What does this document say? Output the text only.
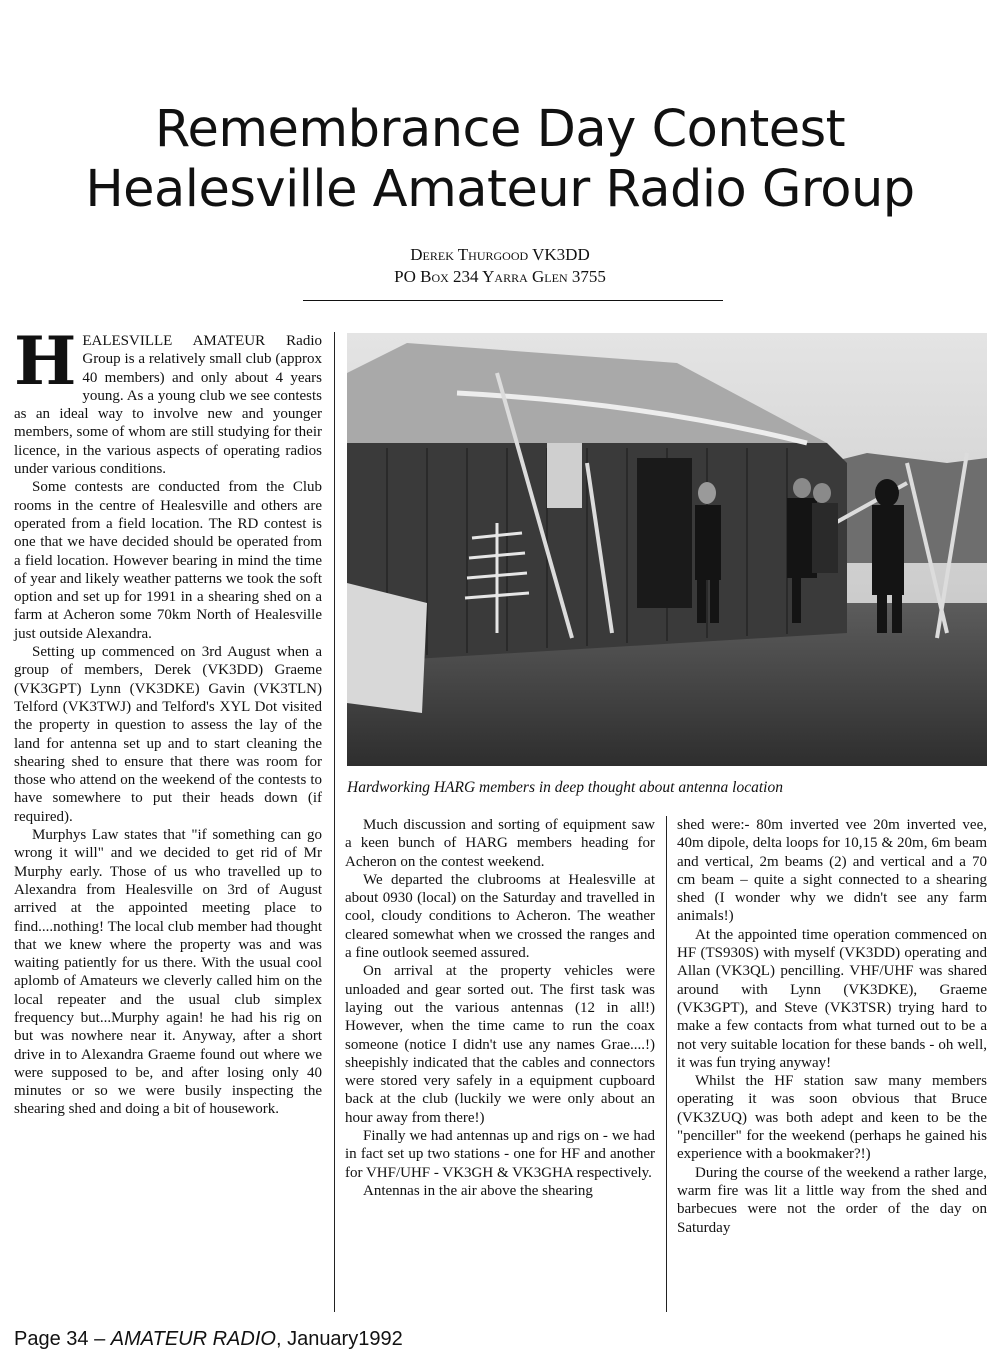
Remembrance Day Contest
Healesville Amateur Radio Group
Derek Thurgood VK3DD
PO Box 234 Yarra Glen 3755
H EALESVILLE AMATEUR Radio Group is a relatively small club (approx 40 members) and only about 4 years young. As a young club we see contests as an ideal way to involve new and younger members, some of whom are still studying for their licence, in the various aspects of operating radios under various conditions.

Some contests are conducted from the Club rooms in the centre of Healesville and others are operated from a field location. The RD contest is one that we have decided should be operated from a field location. However bearing in mind the time of year and likely weather patterns we took the soft option and set up for 1991 in a shearing shed on a farm at Acheron some 70km North of Healesville just outside Alexandra.

Setting up commenced on 3rd August when a group of members, Derek (VK3DD) Graeme (VK3GPT) Lynn (VK3DKE) Gavin (VK3TLN) Telford (VK3TWJ) and Telford's XYL Dot visited the property in question to assess the lay of the land for antenna set up and to start cleaning the shearing shed to ensure that there was room for those who attend on the weekend of the contests to have somewhere to put their heads down (if required).

Murphys Law states that "if something can go wrong it will" and we decided to get rid of Mr Murphy early. Those of us who travelled up to Alexandra from Healesville on 3rd of August arrived at the appointed meeting place to find....nothing! The local club member had thought that we knew where the property was and was waiting patiently for us there. With the usual cool aplomb of Amateurs we cleverly called him on the local repeater and the usual club simplex frequency but...Murphy again! he had his rig on but was nowhere near it. Anyway, after a short drive in to Alexandra Graeme found out where we were supposed to be, and after losing only 40 minutes or so we were busily inspecting the shearing shed and doing a bit of housework.

Hardworking HARG members in deep thought about antenna location

Much discussion and sorting of equipment saw a keen bunch of HARG members heading for Acheron on the contest weekend.

We departed the clubrooms at Healesville at about 0930 (local) on the Saturday and travelled in cool, cloudy conditions to Acheron. The weather cleared somewhat when we crossed the ranges and a fine outlook seemed assured.

On arrival at the property vehicles were unloaded and gear sorted out. The first task was laying out the various antennas (12 in all!) However, when the time came to run the coax someone (notice I didn't use any names Grae....!) sheepishly indicated that the cables and connectors were stored very safely in a equipment cupboard back at the club (luckily we were only about an hour away from there!)

Finally we had antennas up and rigs on - we had in fact set up two stations - one for HF and another for VHF/UHF - VK3GH & VK3GHA respectively.

Antennas in the air above the shearing

shed were:- 80m inverted vee 20m inverted vee, 40m dipole, delta loops for 10,15 & 20m, 6m beam and vertical, 2m beams (2) and vertical and a 70 cm beam – quite a sight connected to a shearing shed (I wonder why we didn't see any farm animals!)

At the appointed time operation commenced on HF (TS930S) with myself (VK3DD) operating and Allan (VK3QL) pencilling. VHF/UHF was shared around with Lynn (VK3DKE), Graeme (VK3GPT), and Steve (VK3TSR) trying hard to make a few contacts from what turned out to be a not very suitable location for these bands - oh well, it was fun trying anyway!

Whilst the HF station saw many members operating it was soon obvious that Bruce (VK3ZUQ) was both adept and keen to be the "penciller" for the weekend (perhaps he gained his experience with a bookmaker?!)

During the course of the weekend a rather large, warm fire was lit a little way from the shed and barbecues were not the order of the day on Saturday

Page 34 – AMATEUR RADIO, January1992
